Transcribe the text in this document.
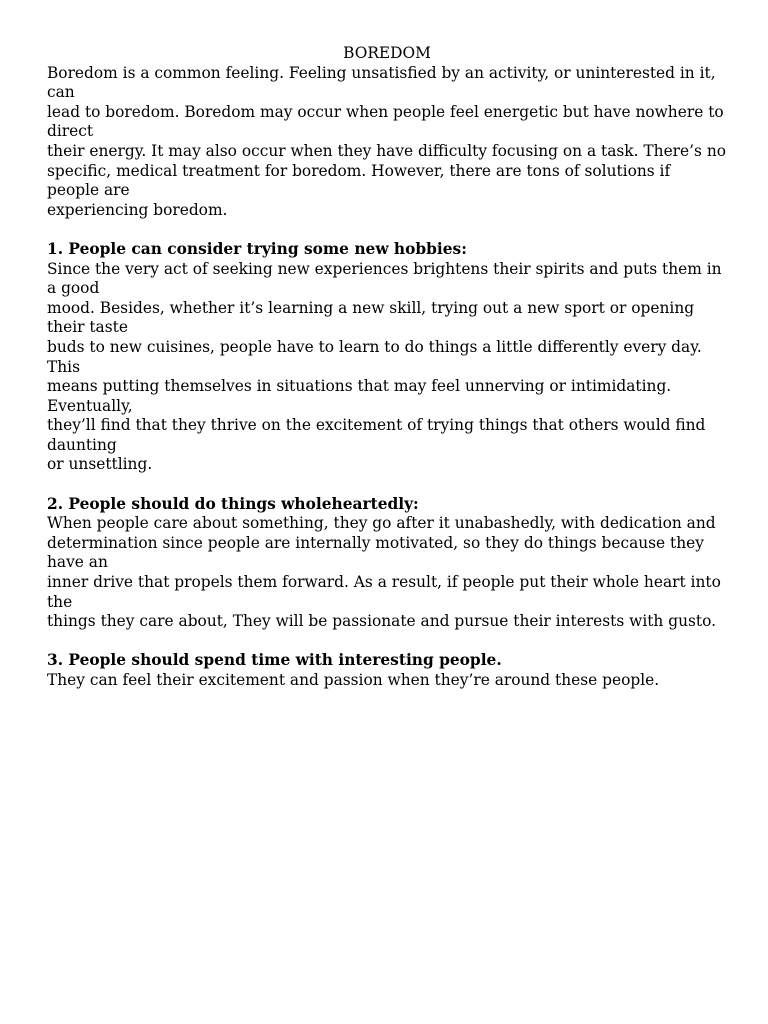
BOREDOM

Boredom is a common feeling. Feeling unsatisfied by an activity, or uninterested in it, can
lead to boredom. Boredom may occur when people feel energetic but have nowhere to direct
their energy. It may also occur when they have difficulty focusing on a task. There’s no
specific, medical treatment for boredom. However, there are tons of solutions if people are
experiencing boredom.

1. People can consider trying some new hobbies:

Since the very act of seeking new experiences brightens their spirits and puts them in a good
mood. Besides, whether it’s learning a new skill, trying out a new sport or opening their taste
buds to new cuisines, people have to learn to do things a little differently every day. This
means putting themselves in situations that may feel unnerving or intimidating. Eventually,
they’ll find that they thrive on the excitement of trying things that others would find daunting
or unsettling.

2. People should do things wholeheartedly:

When people care about something, they go after it unabashedly, with dedication and
determination since people are internally motivated, so they do things because they have an
inner drive that propels them forward. As a result, if people put their whole heart into the
things they care about, They will be passionate and pursue their interests with gusto.

3. People should spend time with interesting people.

They can feel their excitement and passion when they’re around these people.
